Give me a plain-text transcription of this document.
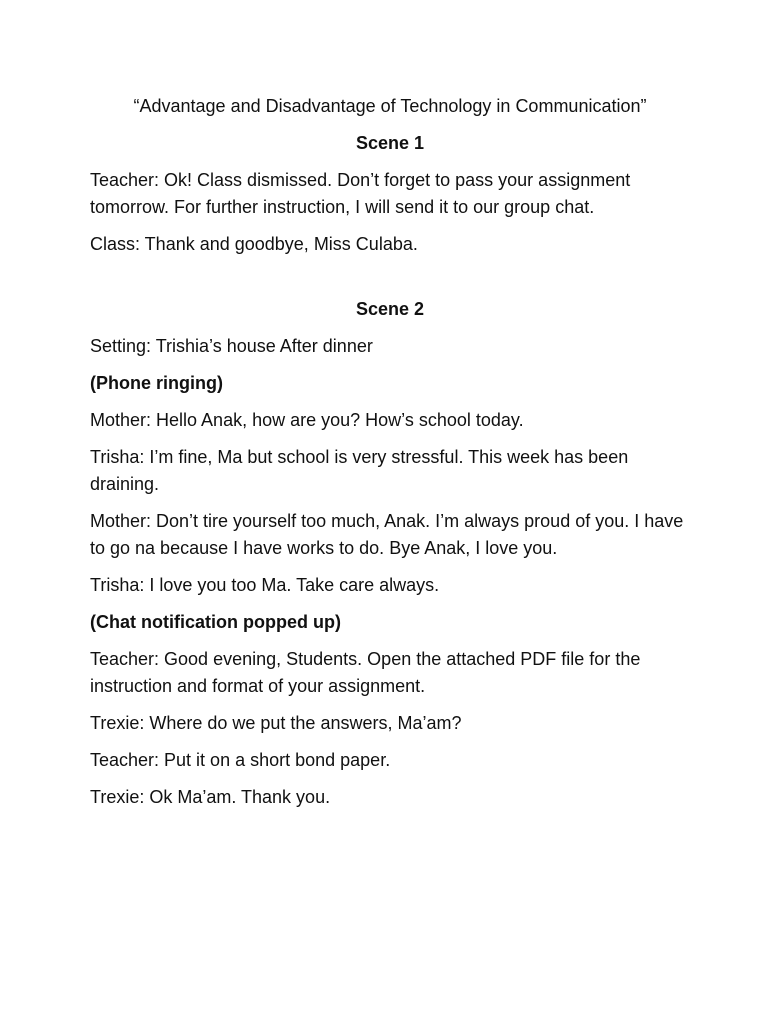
“Advantage and Disadvantage of Technology in Communication”

Scene 1

Teacher: Ok! Class dismissed. Don’t forget to pass your assignment tomorrow. For further instruction, I will send it to our group chat.

Class: Thank and goodbye, Miss Culaba.

Scene 2

Setting: Trishia’s house After dinner

(Phone ringing)

Mother: Hello Anak, how are you? How’s school today.

Trisha: I’m fine, Ma but school is very stressful. This week has been draining.

Mother: Don’t tire yourself too much, Anak. I’m always proud of you. I have to go na because I have works to do. Bye Anak, I love you.

Trisha: I love you too Ma. Take care always.

(Chat notification popped up)

Teacher: Good evening, Students. Open the attached PDF file for the instruction and format of your assignment.

Trexie: Where do we put the answers, Ma’am?

Teacher: Put it on a short bond paper.

Trexie: Ok Ma’am. Thank you.
